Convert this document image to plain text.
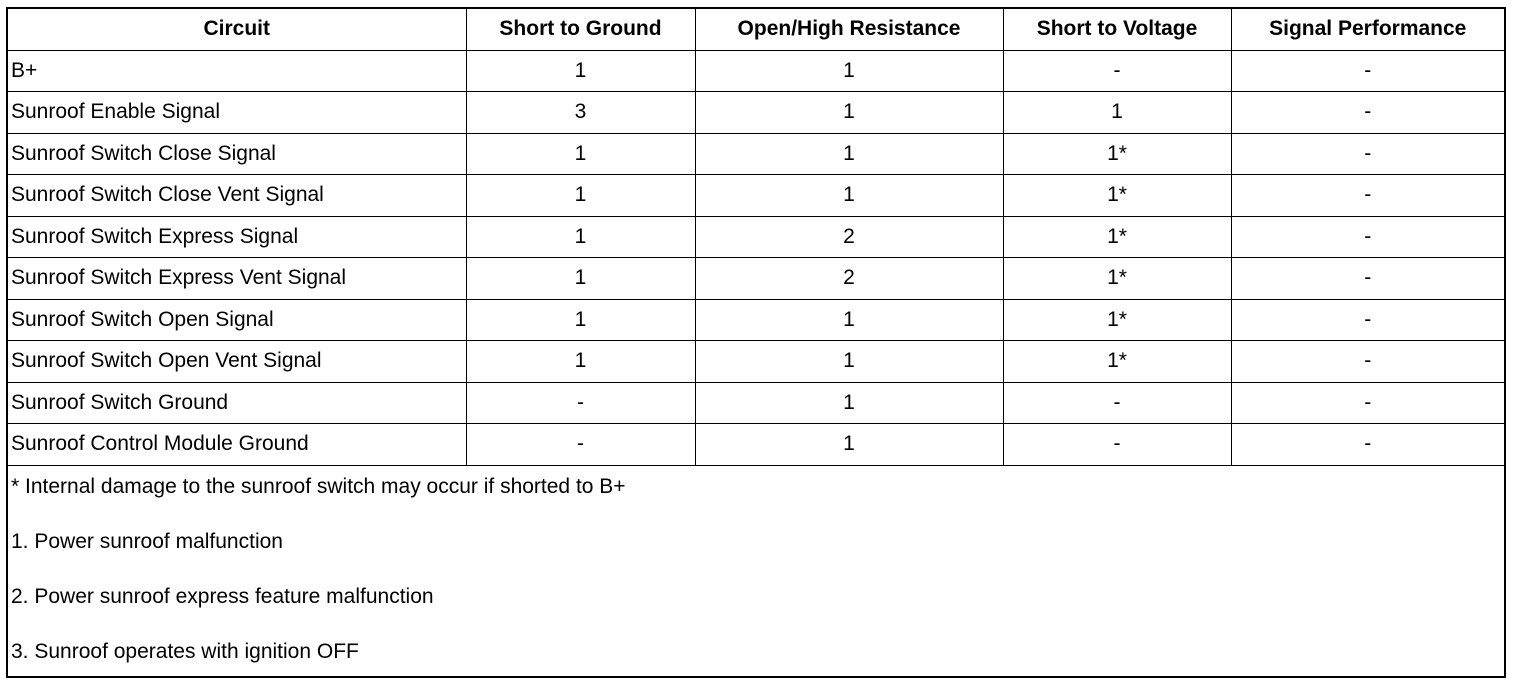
Circuit	Short to Ground	Open/High Resistance	Short to Voltage	Signal Performance
B+	1	1	-	-
Sunroof Enable Signal	3	1	1	-
Sunroof Switch Close Signal	1	1	1*	-
Sunroof Switch Close Vent Signal	1	1	1*	-
Sunroof Switch Express Signal	1	2	1*	-
Sunroof Switch Express Vent Signal	1	2	1*	-
Sunroof Switch Open Signal	1	1	1*	-
Sunroof Switch Open Vent Signal	1	1	1*	-
Sunroof Switch Ground	-	1	-	-
Sunroof Control Module Ground	-	1	-	-
* Internal damage to the sunroof switch may occur if shorted to B+
1. Power sunroof malfunction
2. Power sunroof express feature malfunction
3. Sunroof operates with ignition OFF
